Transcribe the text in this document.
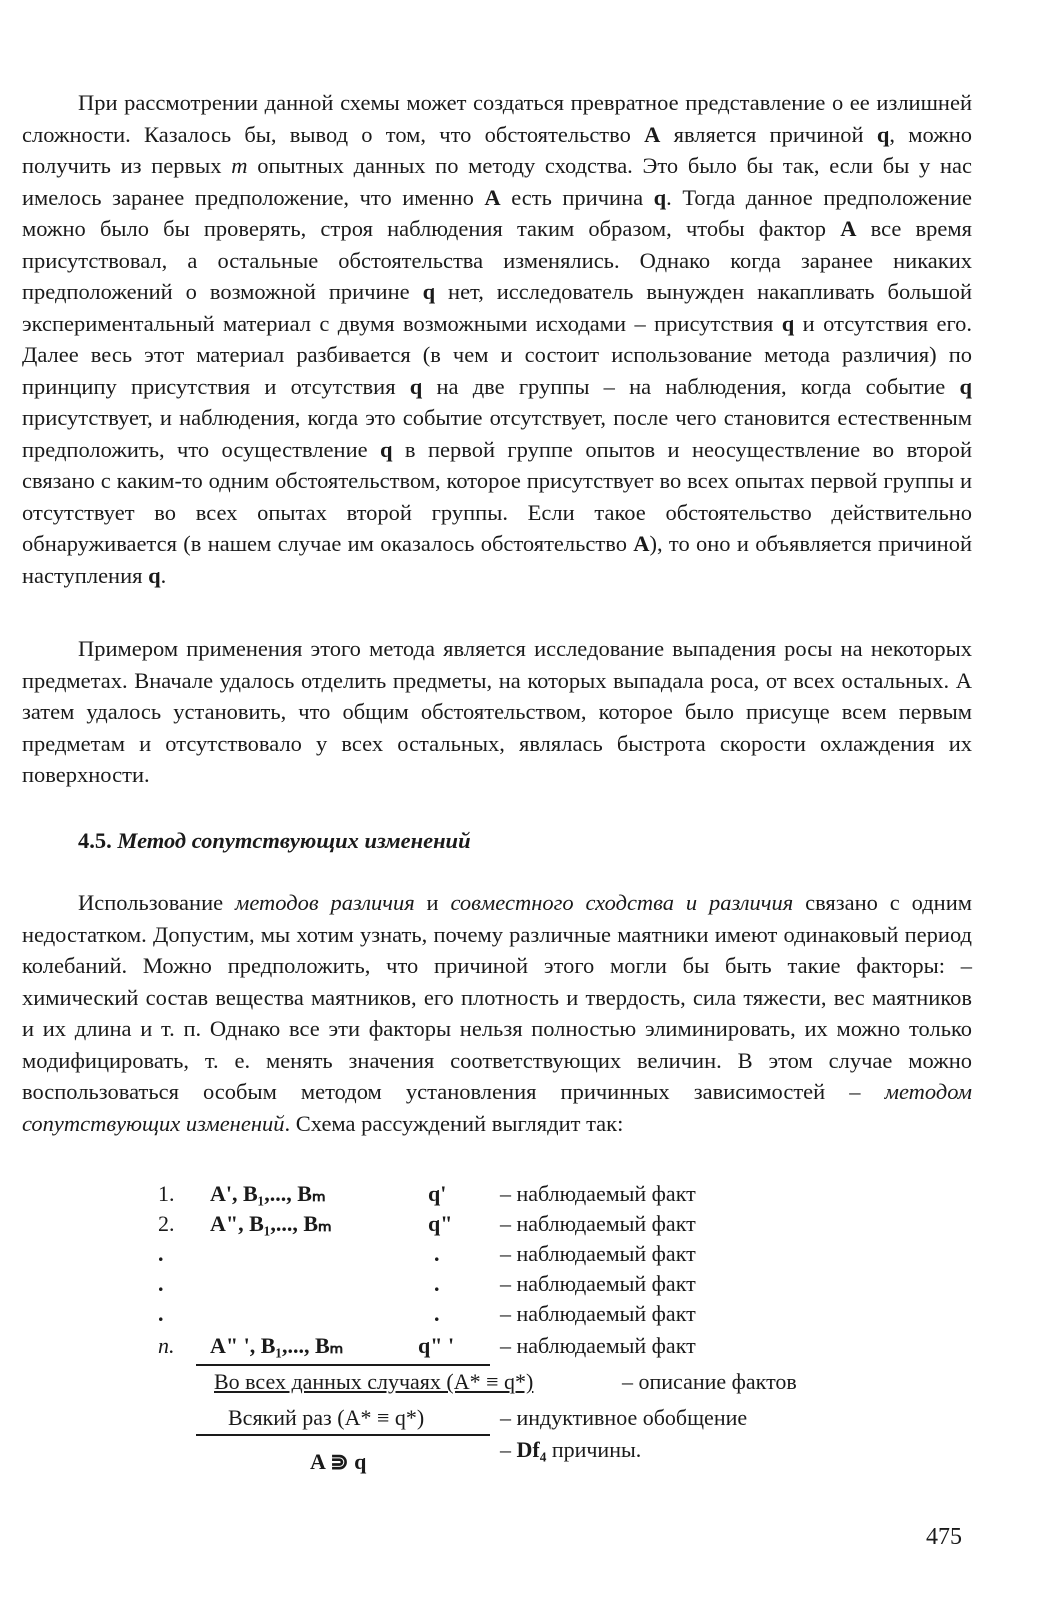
При рассмотрении данной схемы может создаться превратное представление о ее излишней сложности. Казалось бы, вывод о том, что обстоятельство A является причиной q, можно получить из первых m опытных данных по методу сходства. Это было бы так, если бы у нас имелось заранее предположение, что именно A есть причина q. Тогда данное предположение можно было бы проверять, строя наблюдения таким образом, чтобы фактор A все время присутствовал, а остальные обстоятельства изменялись. Однако когда заранее никаких предположений о возможной причине q нет, исследователь вынужден накапливать большой экспериментальный материал с двумя возможными исходами – присутствия q и отсутствия его. Далее весь этот материал разбивается (в чем и состоит использование метода различия) по принципу присутствия и отсутствия q на две группы – на наблюдения, когда событие q присутствует, и наблюдения, когда это событие отсутствует, после чего становится естественным предположить, что осуществление q в первой группе опытов и неосуществление во второй связано с каким-то одним обстоятельством, которое присутствует во всех опытах первой группы и отсутствует во всех опытах второй группы. Если такое обстоятельство действительно обнаруживается (в нашем случае им оказалось обстоятельство A), то оно и объявляется причиной наступления q.

Примером применения этого метода является исследование выпадения росы на некоторых предметах. Вначале удалось отделить предметы, на которых выпадала роса, от всех остальных. А затем удалось установить, что общим обстоятельством, которое было присуще всем первым предметам и отсутствовало у всех остальных, являлась быстрота скорости охлаждения их поверхности.

4.5. Метод сопутствующих изменений

Использование методов различия и совместного сходства и различия связано с одним недостатком. Допустим, мы хотим узнать, почему различные маятники имеют одинаковый период колебаний. Можно предположить, что причиной этого могли бы быть такие факторы: – химический состав вещества маятников, его плотность и твердость, сила тяжести, вес маятников и их длина и т. п. Однако все эти факторы нельзя полностью элиминировать, их можно только модифицировать, т. е. менять значения соответствующих величин. В этом случае можно воспользоваться особым методом установления причинных зависимостей – методом сопутствующих изменений. Схема рассуждений выглядит так:

1. A', B₁,..., Bₘ	q' – наблюдаемый факт
2. A", B₁,..., Bₘ	q" – наблюдаемый факт
.	.	– наблюдаемый факт
.	.	– наблюдаемый факт
.	.	– наблюдаемый факт
n. A" ', B₁,..., Bₘ	q" ' – наблюдаемый факт
Во всех данных случаях (A* ≡ q*)	– описание фактов
Всякий раз (A* ≡ q*)	– индуктивное обобщение
A ⋑ q	– Df₄ причины.
475
